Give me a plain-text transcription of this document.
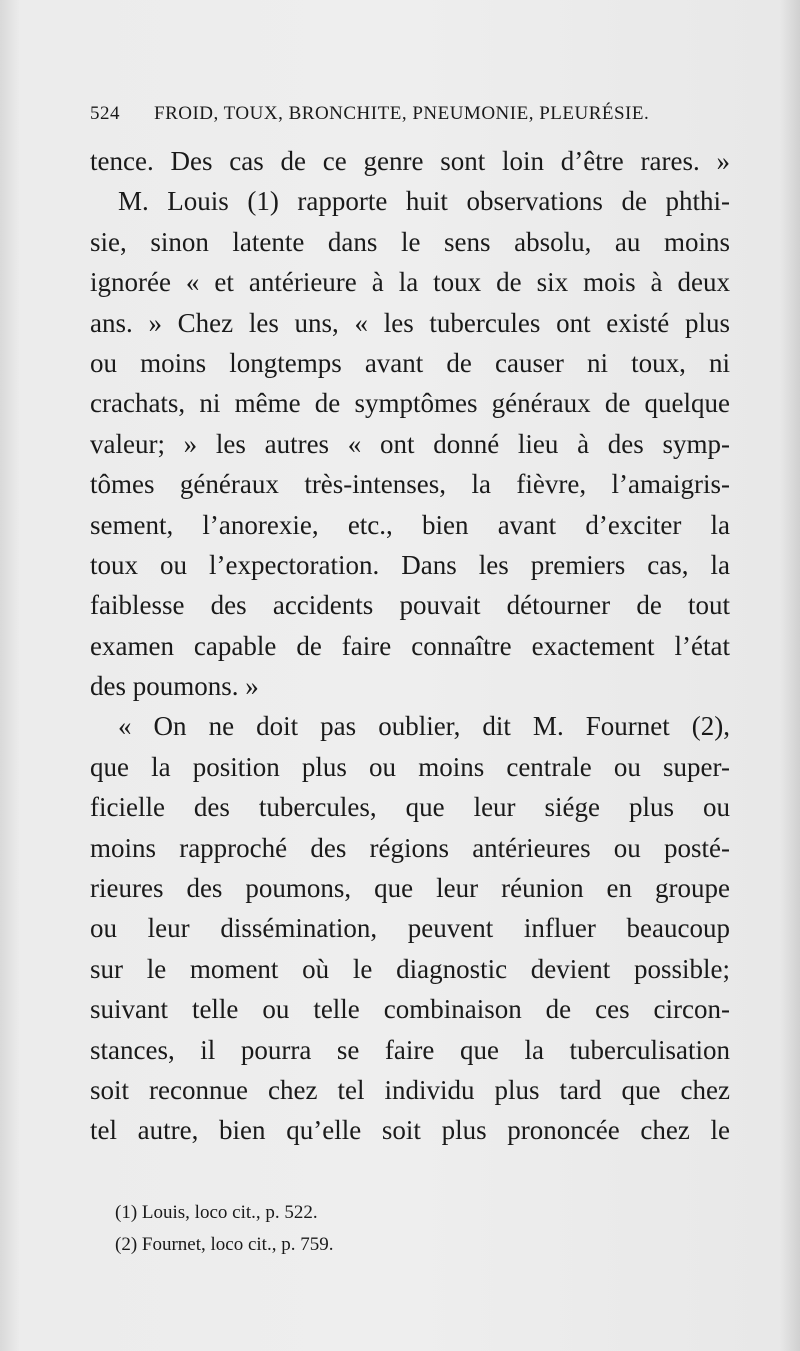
524 FROID, TOUX, BRONCHITE, PNEUMONIE, PLEURÉSIE.
tence. Des cas de ce genre sont loin d’être rares. »
M. Louis (1) rapporte huit observations de phthi-
sie, sinon latente dans le sens absolu, au moins
ignorée « et antérieure à la toux de six mois à deux
ans. » Chez les uns, « les tubercules ont existé plus
ou moins longtemps avant de causer ni toux, ni
crachats, ni même de symptômes généraux de quelque
valeur; » les autres « ont donné lieu à des symp-
tômes généraux très-intenses, la fièvre, l’amaigris-
sement, l’anorexie, etc., bien avant d’exciter la
toux ou l’expectoration. Dans les premiers cas, la
faiblesse des accidents pouvait détourner de tout
examen capable de faire connaître exactement l’état
des poumons. »
« On ne doit pas oublier, dit M. Fournet (2),
que la position plus ou moins centrale ou super-
ficielle des tubercules, que leur siége plus ou
moins rapproché des régions antérieures ou posté-
rieures des poumons, que leur réunion en groupe
ou leur dissémination, peuvent influer beaucoup
sur le moment où le diagnostic devient possible;
suivant telle ou telle combinaison de ces circon-
stances, il pourra se faire que la tuberculisation
soit reconnue chez tel individu plus tard que chez
tel autre, bien qu’elle soit plus prononcée chez le
(1) Louis, loco cit., p. 522.
(2) Fournet, loco cit., p. 759.
